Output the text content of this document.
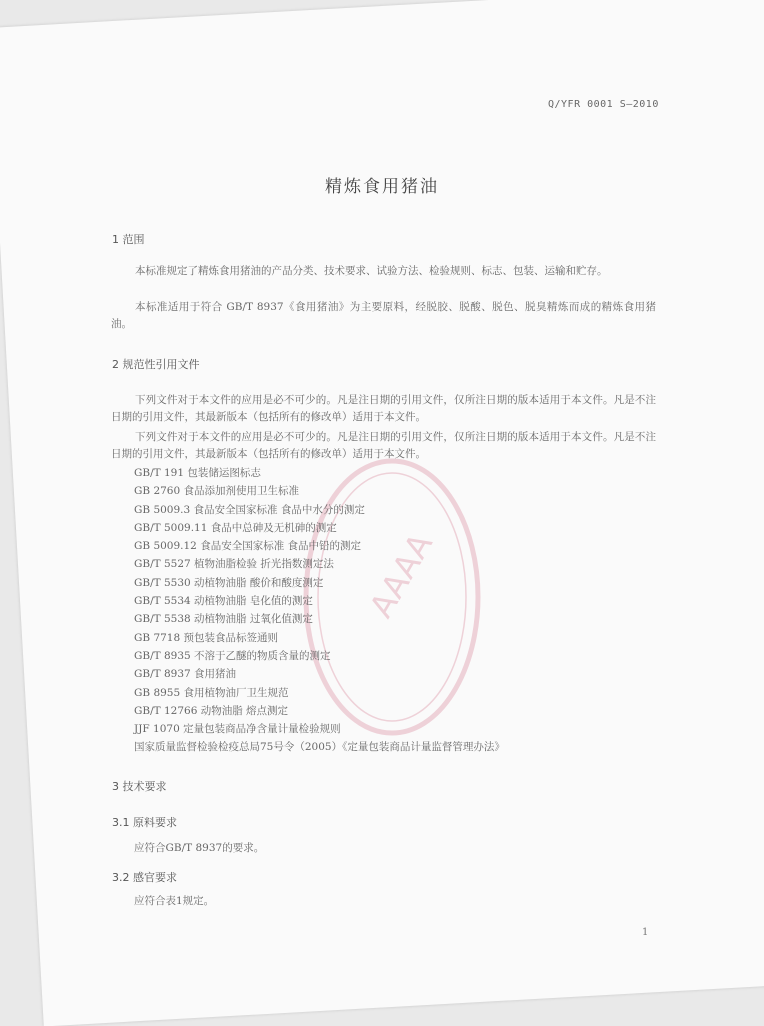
Q/YFR 0001 S—2010
精炼食用猪油
1 范围
本标准规定了精炼食用猪油的产品分类、技术要求、试验方法、检验规则、标志、包装、运输和贮存。
本标准适用于符合 GB/T 8937《食用猪油》为主要原料，经脱胶、脱酸、脱色、脱臭精炼而成的精炼食用猪油。
2 规范性引用文件
下列文件对于本文件的应用是必不可少的。凡是注日期的引用文件，仅所注日期的版本适用于本文件。凡是不注日期的引用文件，其最新版本（包括所有的修改单）适用于本文件。
下列文件对于本文件的应用是必不可少的。凡是注日期的引用文件，仅所注日期的版本适用于本文件。凡是不注日期的引用文件，其最新版本（包括所有的修改单）适用于本文件。
AAAA
GB/T 191 包装储运图标志
GB 2760 食品添加剂使用卫生标准
GB 5009.3 食品安全国家标准 食品中水分的测定
GB/T 5009.11 食品中总砷及无机砷的测定
GB 5009.12 食品安全国家标准 食品中铅的测定
GB/T 5527 植物油脂检验 折光指数测定法
GB/T 5530 动植物油脂 酸价和酸度测定
GB/T 5534 动植物油脂 皂化值的测定
GB/T 5538 动植物油脂 过氧化值测定
GB 7718 预包装食品标签通则
GB/T 8935 不溶于乙醚的物质含量的测定
GB/T 8937 食用猪油
GB 8955 食用植物油厂卫生规范
GB/T 12766 动物油脂 熔点测定
JJF 1070 定量包装商品净含量计量检验规则
国家质量监督检验检疫总局75号令（2005）《定量包装商品计量监督管理办法》
3 技术要求
3.1 原料要求
应符合GB/T 8937的要求。
3.2 感官要求
应符合表1规定。
1
